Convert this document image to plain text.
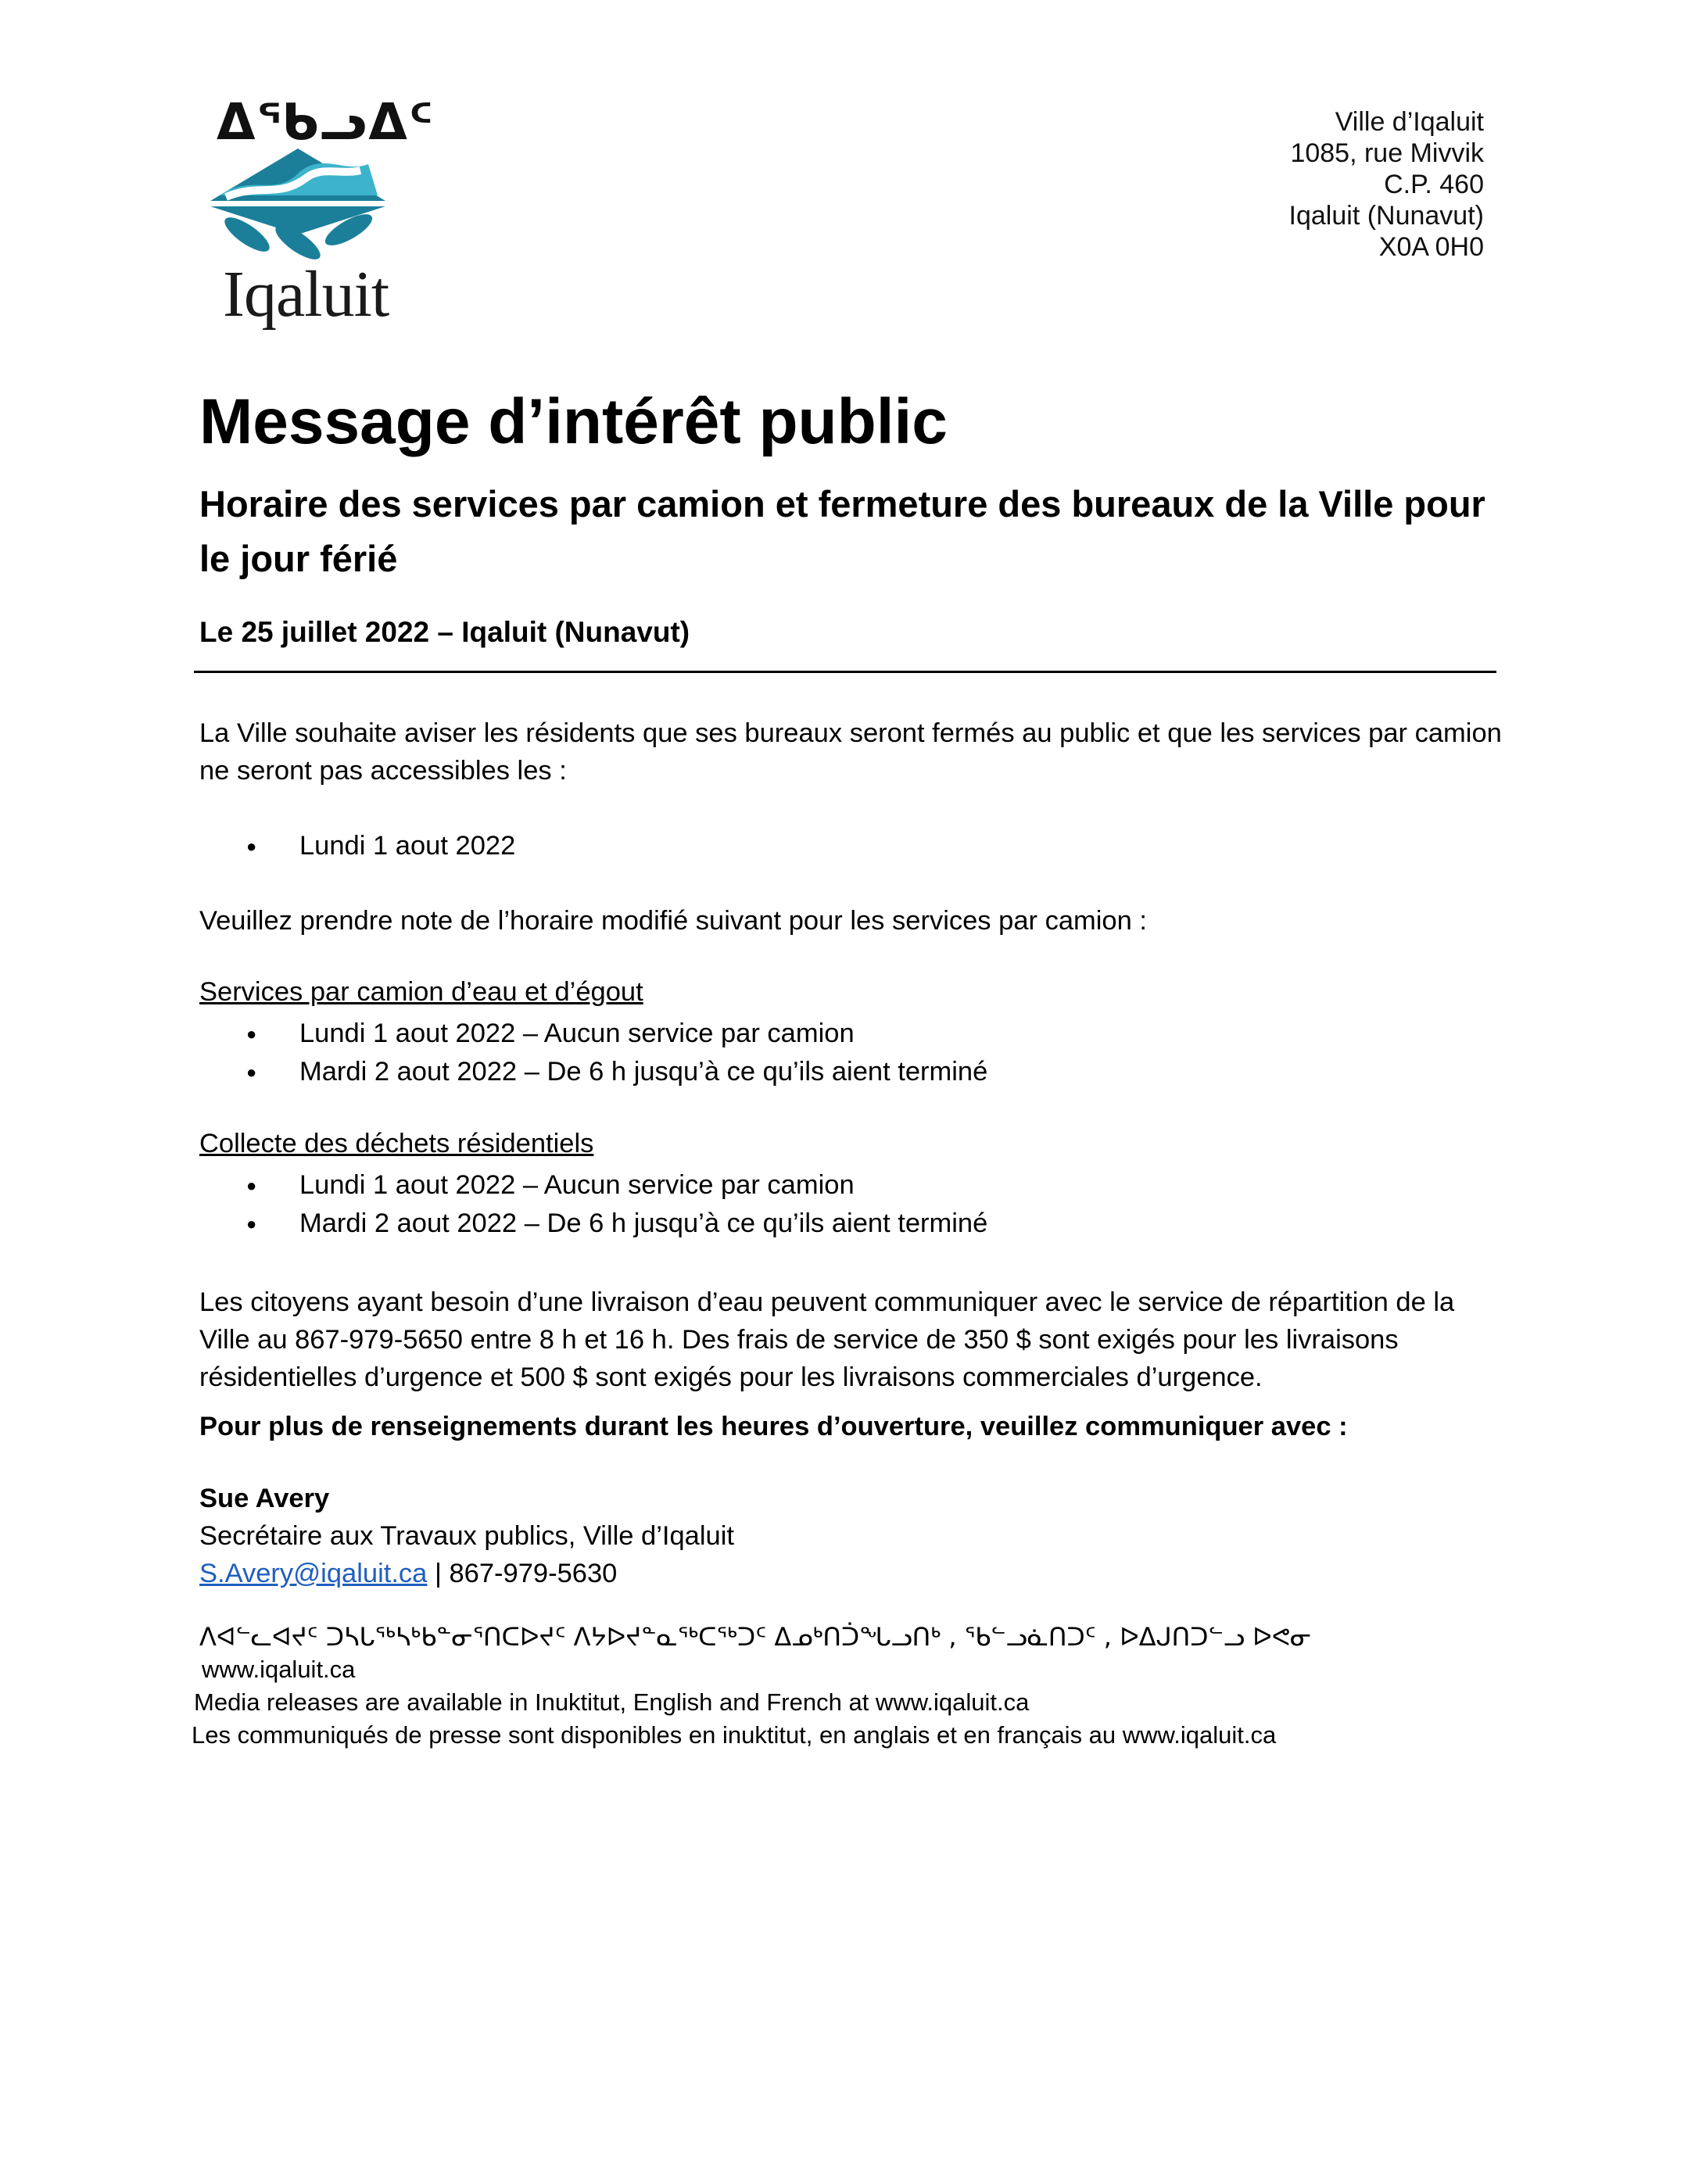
ᐃᖃᓗᐃᑦ
Iqaluit
Ville d’Iqaluit
1085, rue Mivvik
C.P. 460
Iqaluit (Nunavut)
X0A 0H0
Message d’intérêt public
Horaire des services par camion et fermeture des bureaux de la Ville pour le jour férié
Le 25 juillet 2022 – Iqaluit (Nunavut)
La Ville souhaite aviser les résidents que ses bureaux seront fermés au public et que les services par camion ne seront pas accessibles les :
● Lundi 1 aout 2022
Veuillez prendre note de l’horaire modifié suivant pour les services par camion :
Services par camion d’eau et d’égout
● Lundi 1 aout 2022 – Aucun service par camion
● Mardi 2 aout 2022 – De 6 h jusqu’à ce qu’ils aient terminé
Collecte des déchets résidentiels
● Lundi 1 aout 2022 – Aucun service par camion
● Mardi 2 aout 2022 – De 6 h jusqu’à ce qu’ils aient terminé
Les citoyens ayant besoin d’une livraison d’eau peuvent communiquer avec le service de répartition de la Ville au 867-979-5650 entre 8 h et 16 h. Des frais de service de 350 $ sont exigés pour les livraisons résidentielles d’urgence et 500 $ sont exigés pour les livraisons commerciales d’urgence.
Pour plus de renseignements durant les heures d’ouverture, veuillez communiquer avec :
Sue Avery
Secrétaire aux Travaux publics, Ville d’Iqaluit
S.Avery@iqaluit.ca | 867-979-5630
ᐱᐊᓪᓚᐊᔪᑦ ᑐᓴᒐᖅᓴᒃᑲᓐᓂᕐᑎᑕᐅᔪᑦ ᐱᔭᐅᔪᓐᓇᖅᑕᖅᑐᑦ ᐃᓄᒃᑎᑑᖓᓗᑎᒃ , ᖃᓪᓗᓈᑎᑐᑦ , ᐅᐃᒍᑎᑐᓪᓗ ᐅᕙᓂ
www.iqaluit.ca
Media releases are available in Inuktitut, English and French at www.iqaluit.ca
Les communiqués de presse sont disponibles en inuktitut, en anglais et en français au www.iqaluit.ca
